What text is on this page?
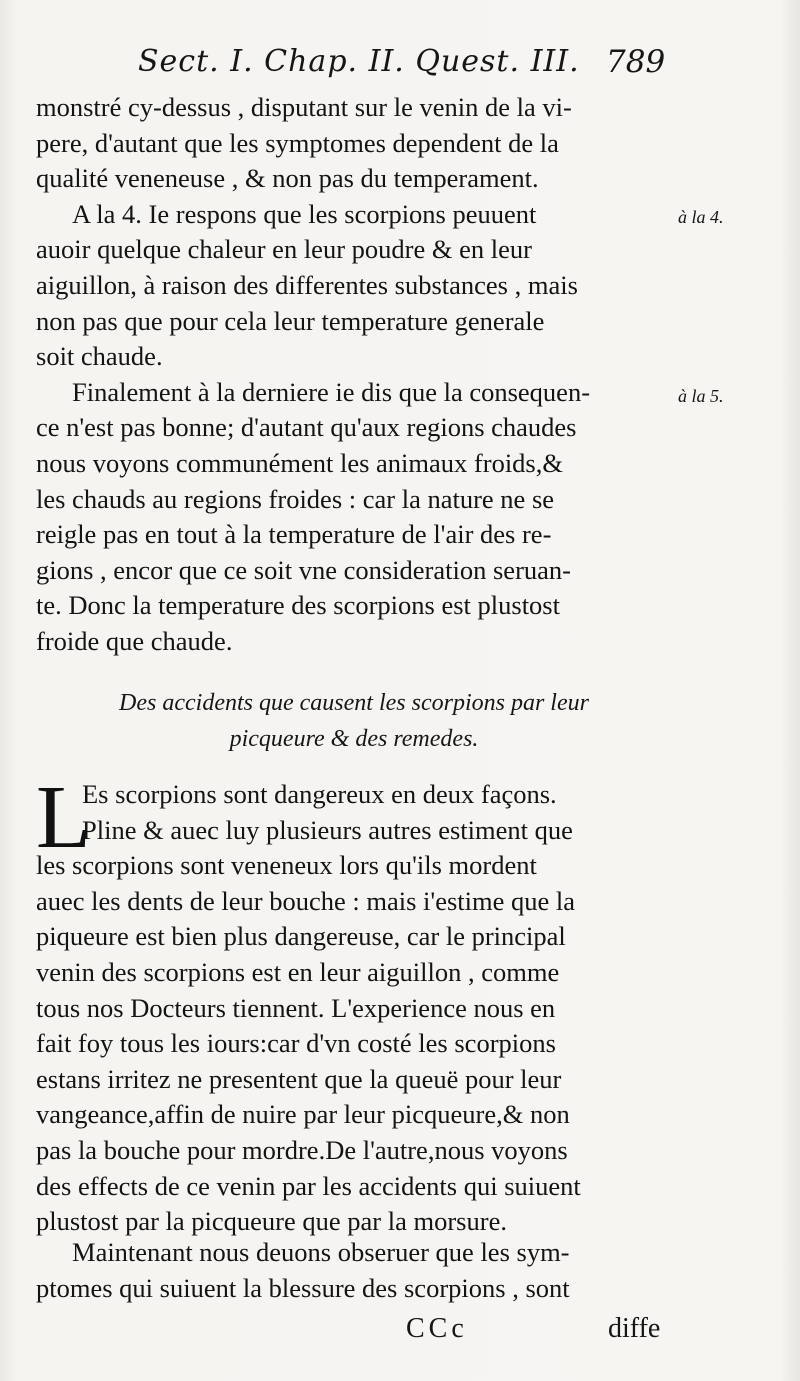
Sect. I. Chap. II. Quest. III. 789
à la 4.
à la 5.
monstré cy-dessus , disputant sur le venin de la vi-
pere, d'autant que les symptomes dependent de la
qualité veneneuse , & non pas du temperament.
A la 4. Ie respons que les scorpions peuuent
auoir quelque chaleur en leur poudre & en leur
aiguillon, à raison des differentes substances , mais
non pas que pour cela leur temperature generale
soit chaude.
Finalement à la derniere ie dis que la consequen-
ce n'est pas bonne; d'autant qu'aux regions chaudes
nous voyons communément les animaux froids,&
les chauds au regions froides : car la nature ne se
reigle pas en tout à la temperature de l'air des re-
gions , encor que ce soit vne consideration seruan-
te. Donc la temperature des scorpions est plustost
froide que chaude.
Des accidents que causent les scorpions par leur
picqueure & des remedes.
L
Es scorpions sont dangereux en deux façons.
Pline & auec luy plusieurs autres estiment que
les scorpions sont veneneux lors qu'ils mordent
auec les dents de leur bouche : mais i'estime que la
piqueure est bien plus dangereuse, car le principal
venin des scorpions est en leur aiguillon , comme
tous nos Docteurs tiennent. L'experience nous en
fait foy tous les iours:car d'vn costé les scorpions
estans irritez ne presentent que la queuë pour leur
vangeance,affin de nuire par leur picqueure,& non
pas la bouche pour mordre.De l'autre,nous voyons
des effects de ce venin par les accidents qui suiuent
plustost par la picqueure que par la morsure.
Maintenant nous deuons obseruer que les sym-
ptomes qui suiuent la blessure des scorpions , sont
CCc	diffe
